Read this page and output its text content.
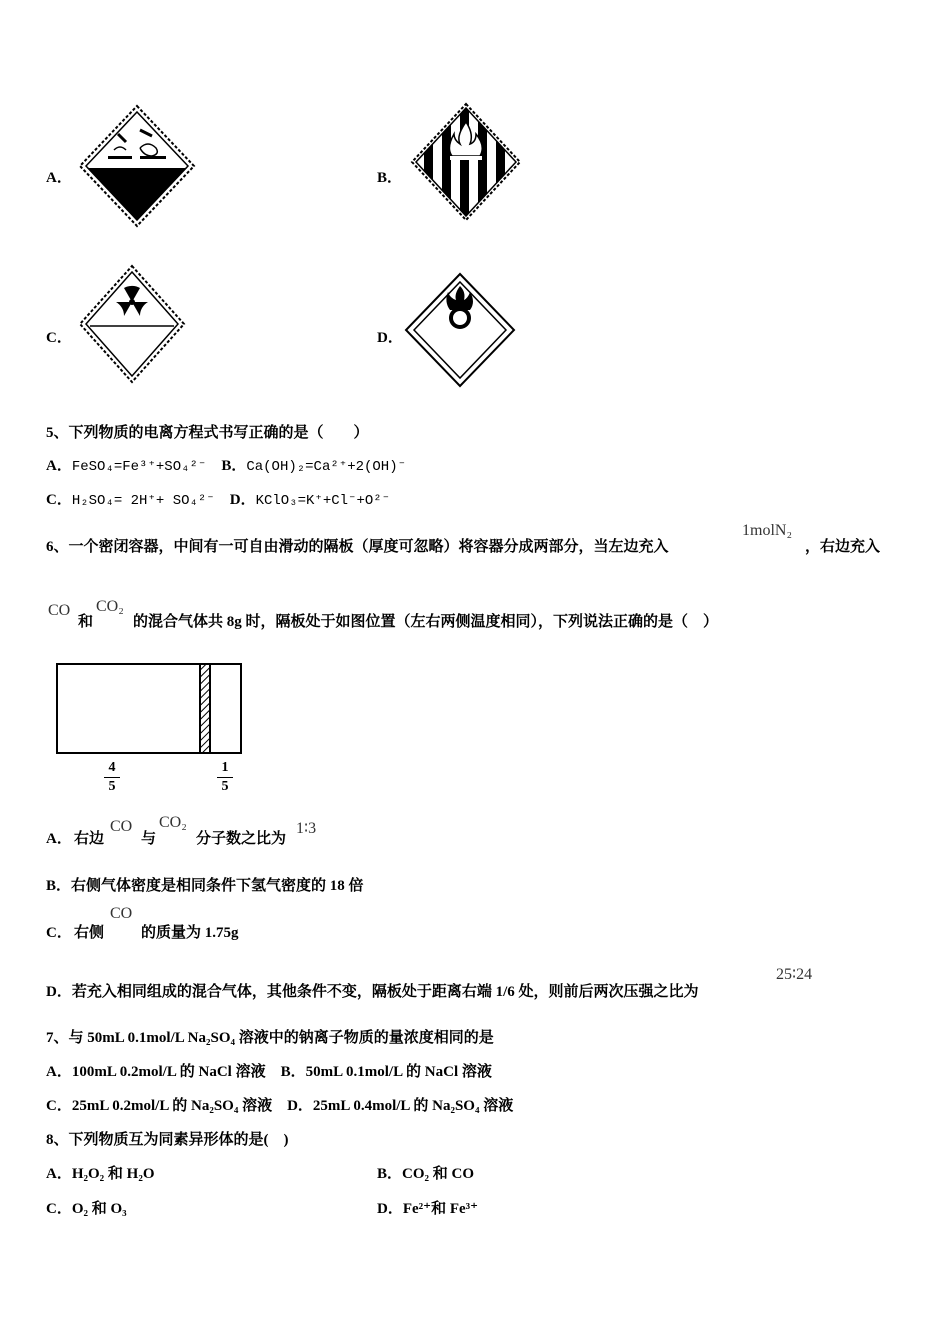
A．	B．
C．	D．
5、下列物质的电离方程式书写正确的是（　　）
A．FeSO₄=Fe³⁺+SO₄²⁻ B．Ca(OH)₂=Ca²⁺+2(OH)⁻
C．H₂SO₄= 2H⁺+ SO₄²⁻ D．KClO₃=K⁺+Cl⁻+O²⁻
6、一个密闭容器，中间有一可自由滑动的隔板（厚度可忽略）将容器分成两部分，当左边充入
1molN₂
，右边充入
CO
和
CO₂
的混合气体共 8g 时，隔板处于如图位置（左右两侧温度相同），下列说法正确的是（　）
4
5
1
5
A． 右边
CO
与
CO₂
分子数之比为
1∶3
B．右侧气体密度是相同条件下氢气密度的 18 倍
C． 右侧
CO
的质量为 1.75g
D．若充入相同组成的混合气体，其他条件不变，隔板处于距离右端 1/6 处，则前后两次压强之比为
25∶24
7、与 50mL 0.1mol/L Na₂SO₄ 溶液中的钠离子物质的量浓度相同的是
A．100mL 0.2mol/L 的 NaCl 溶液　B．50mL 0.1mol/L 的 NaCl 溶液
C．25mL 0.2mol/L 的 Na₂SO₄ 溶液　D．25mL 0.4mol/L 的 Na₂SO₄ 溶液
8、下列物质互为同素异形体的是(　)
A．H₂O₂ 和 H₂O	B．CO₂ 和 CO
C．O₂ 和 O₃	D．Fe²⁺和 Fe³⁺
